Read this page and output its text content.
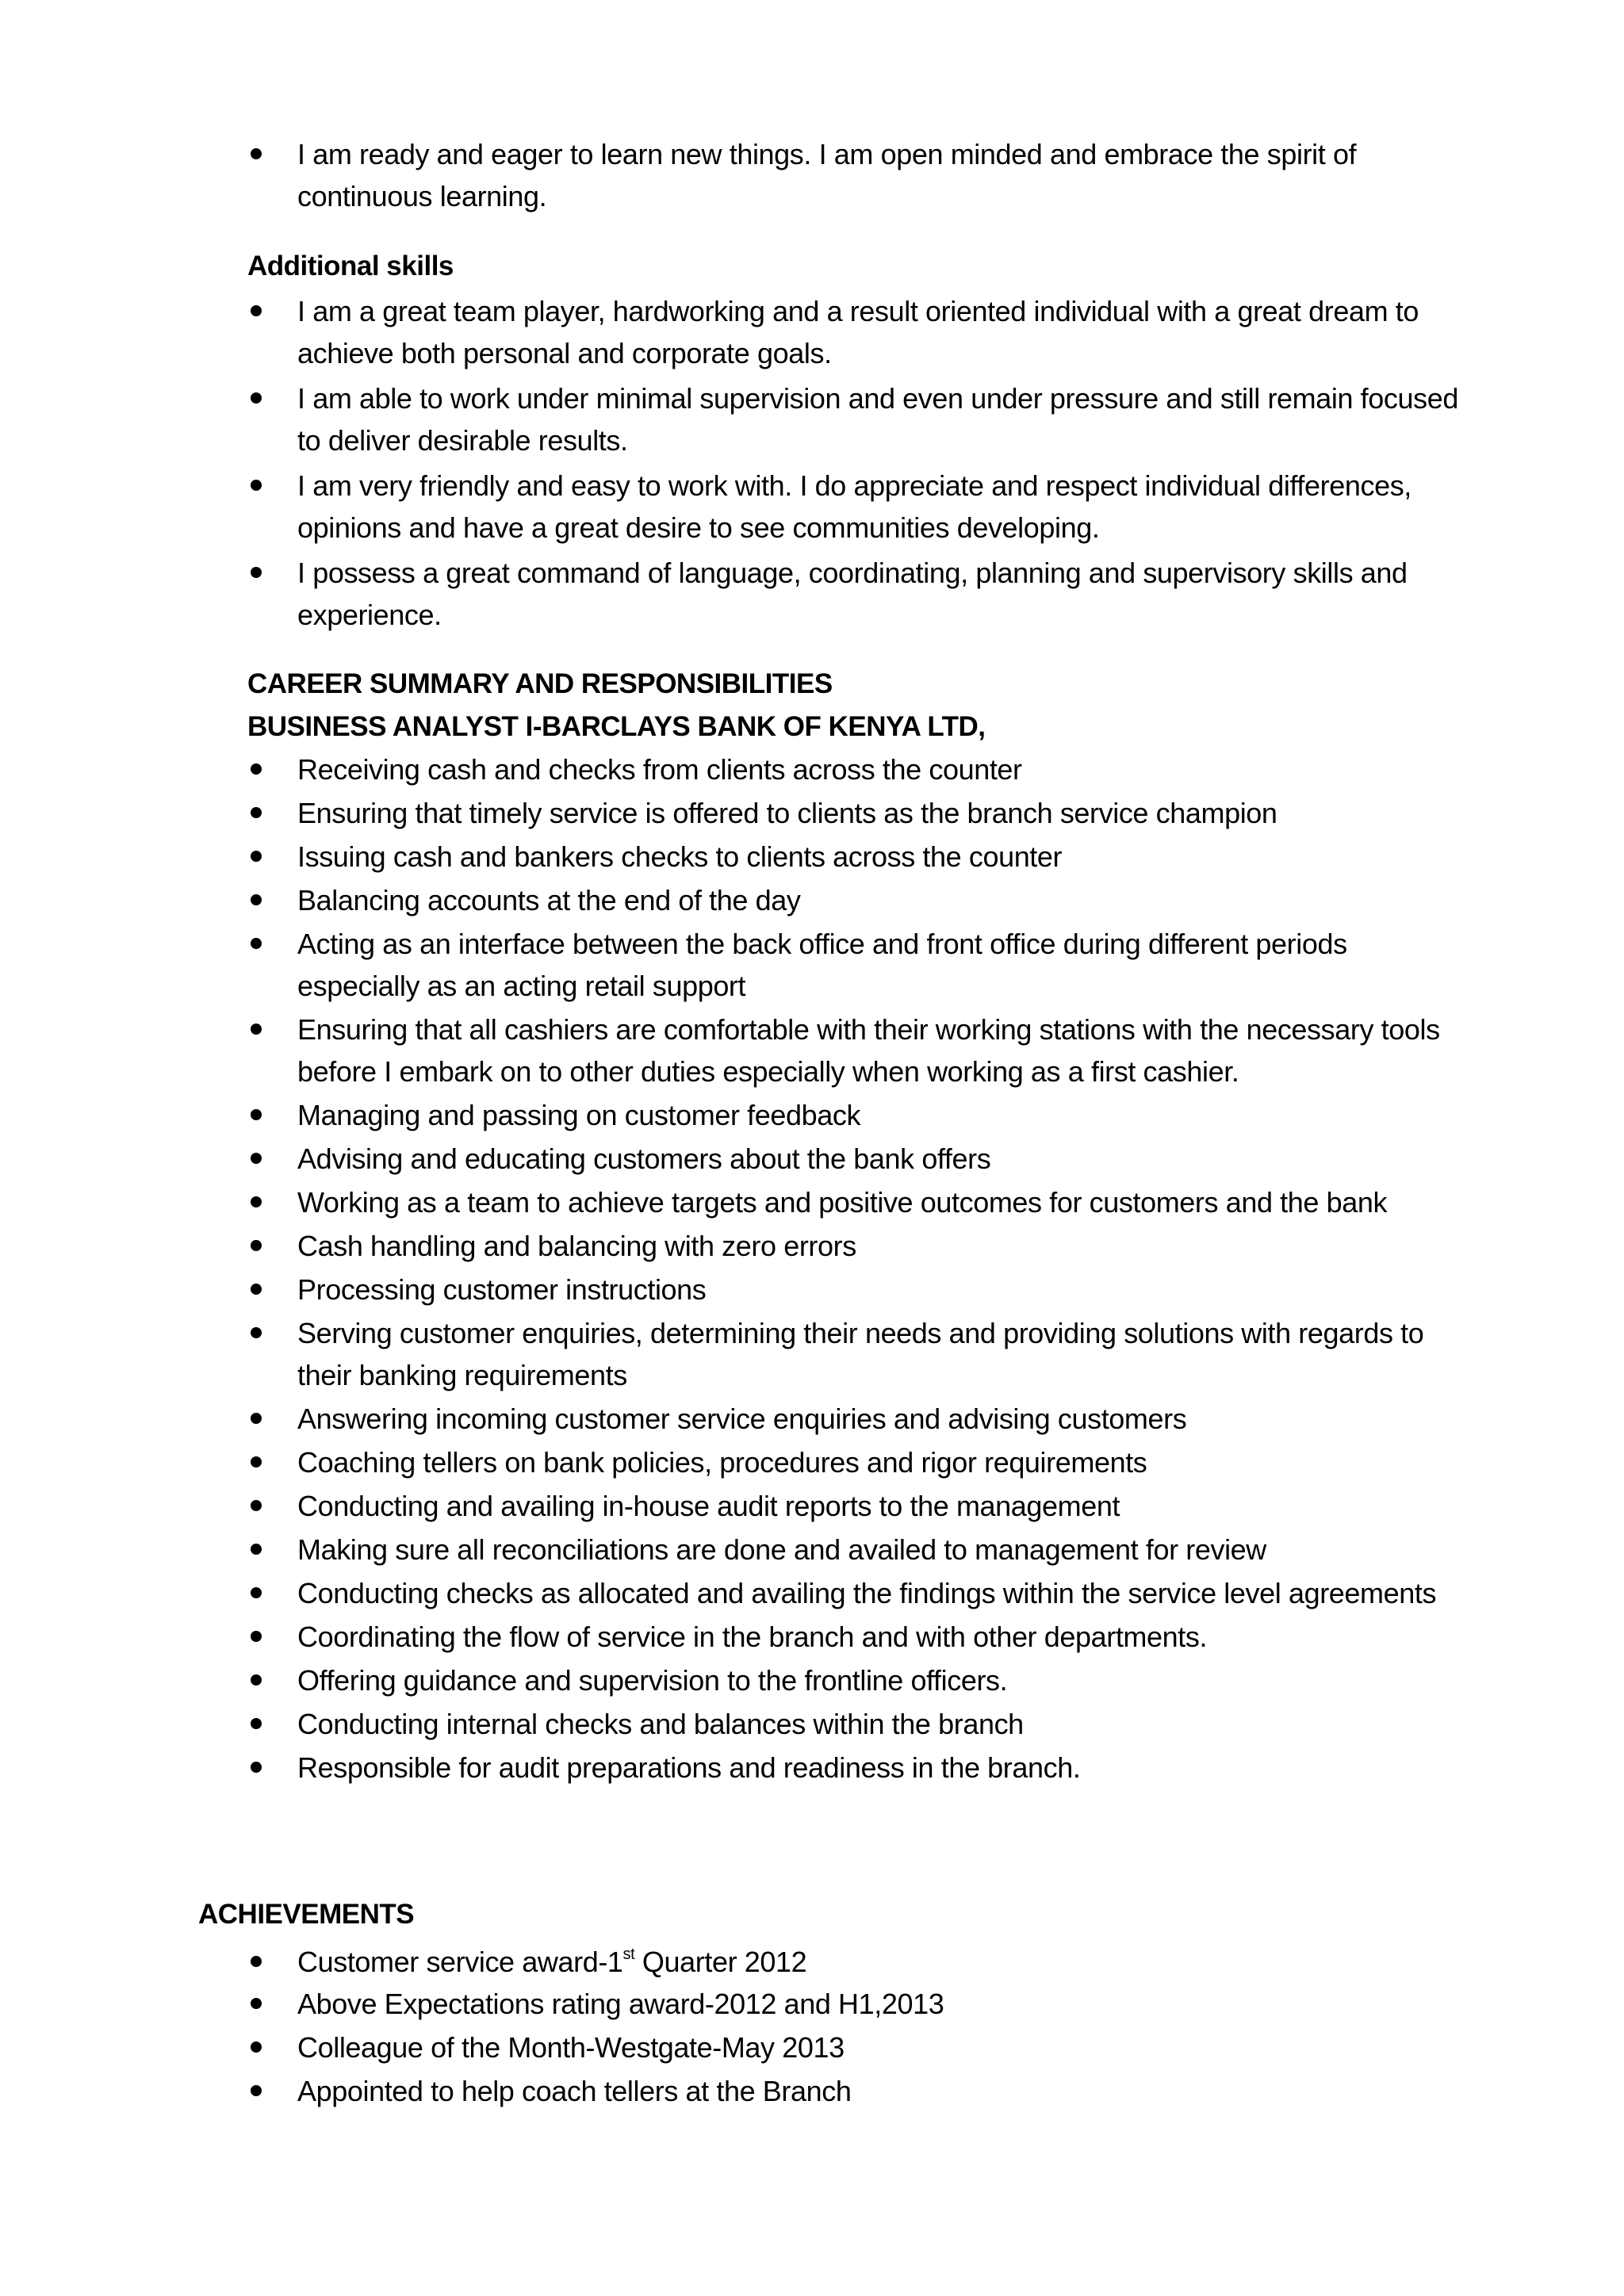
I am ready and eager to learn new things. I am open minded and embrace the spirit of
continuous learning.
Additional skills
I am a great team player, hardworking and a result oriented individual with a great dream to
achieve both personal and corporate goals.
I am able to work under minimal supervision and even under pressure and still remain focused
to deliver desirable results.
I am very friendly and easy to work with. I do appreciate and respect individual differences,
opinions and have a great desire to see communities developing.
I possess a great command of language, coordinating, planning and supervisory skills and
experience.
CAREER SUMMARY AND RESPONSIBILITIES
BUSINESS ANALYST I-BARCLAYS BANK OF KENYA LTD,
Receiving cash and checks from clients across the counter
Ensuring that timely service is offered to clients as the branch service champion
Issuing cash and bankers checks to clients across the counter
Balancing accounts at the end of the day
Acting as an interface between the back office and front office during different periods
especially as an acting retail support
Ensuring that all cashiers are comfortable with their working stations with the necessary tools
before I embark on to other duties especially when working as a first cashier.
Managing and passing on customer feedback
Advising and educating customers about the bank offers
Working as a team to achieve targets and positive outcomes for customers and the bank
Cash handling and balancing with zero errors
Processing customer instructions
Serving customer enquiries, determining their needs and providing solutions with regards to
their banking requirements
Answering incoming customer service enquiries and advising customers
Coaching tellers on bank policies, procedures and rigor requirements
Conducting and availing in-house audit reports to the management
Making sure all reconciliations are done and availed to management for review
Conducting checks as allocated and availing the findings within the service level agreements
Coordinating the flow of service in the branch and with other departments.
Offering guidance and supervision to the frontline officers.
Conducting internal checks and balances within the branch
Responsible for audit preparations and readiness in the branch.
ACHIEVEMENTS
Customer service award-1st Quarter 2012
Above Expectations rating award-2012 and H1,2013
Colleague of the Month-Westgate-May 2013
Appointed to help coach tellers at the Branch
